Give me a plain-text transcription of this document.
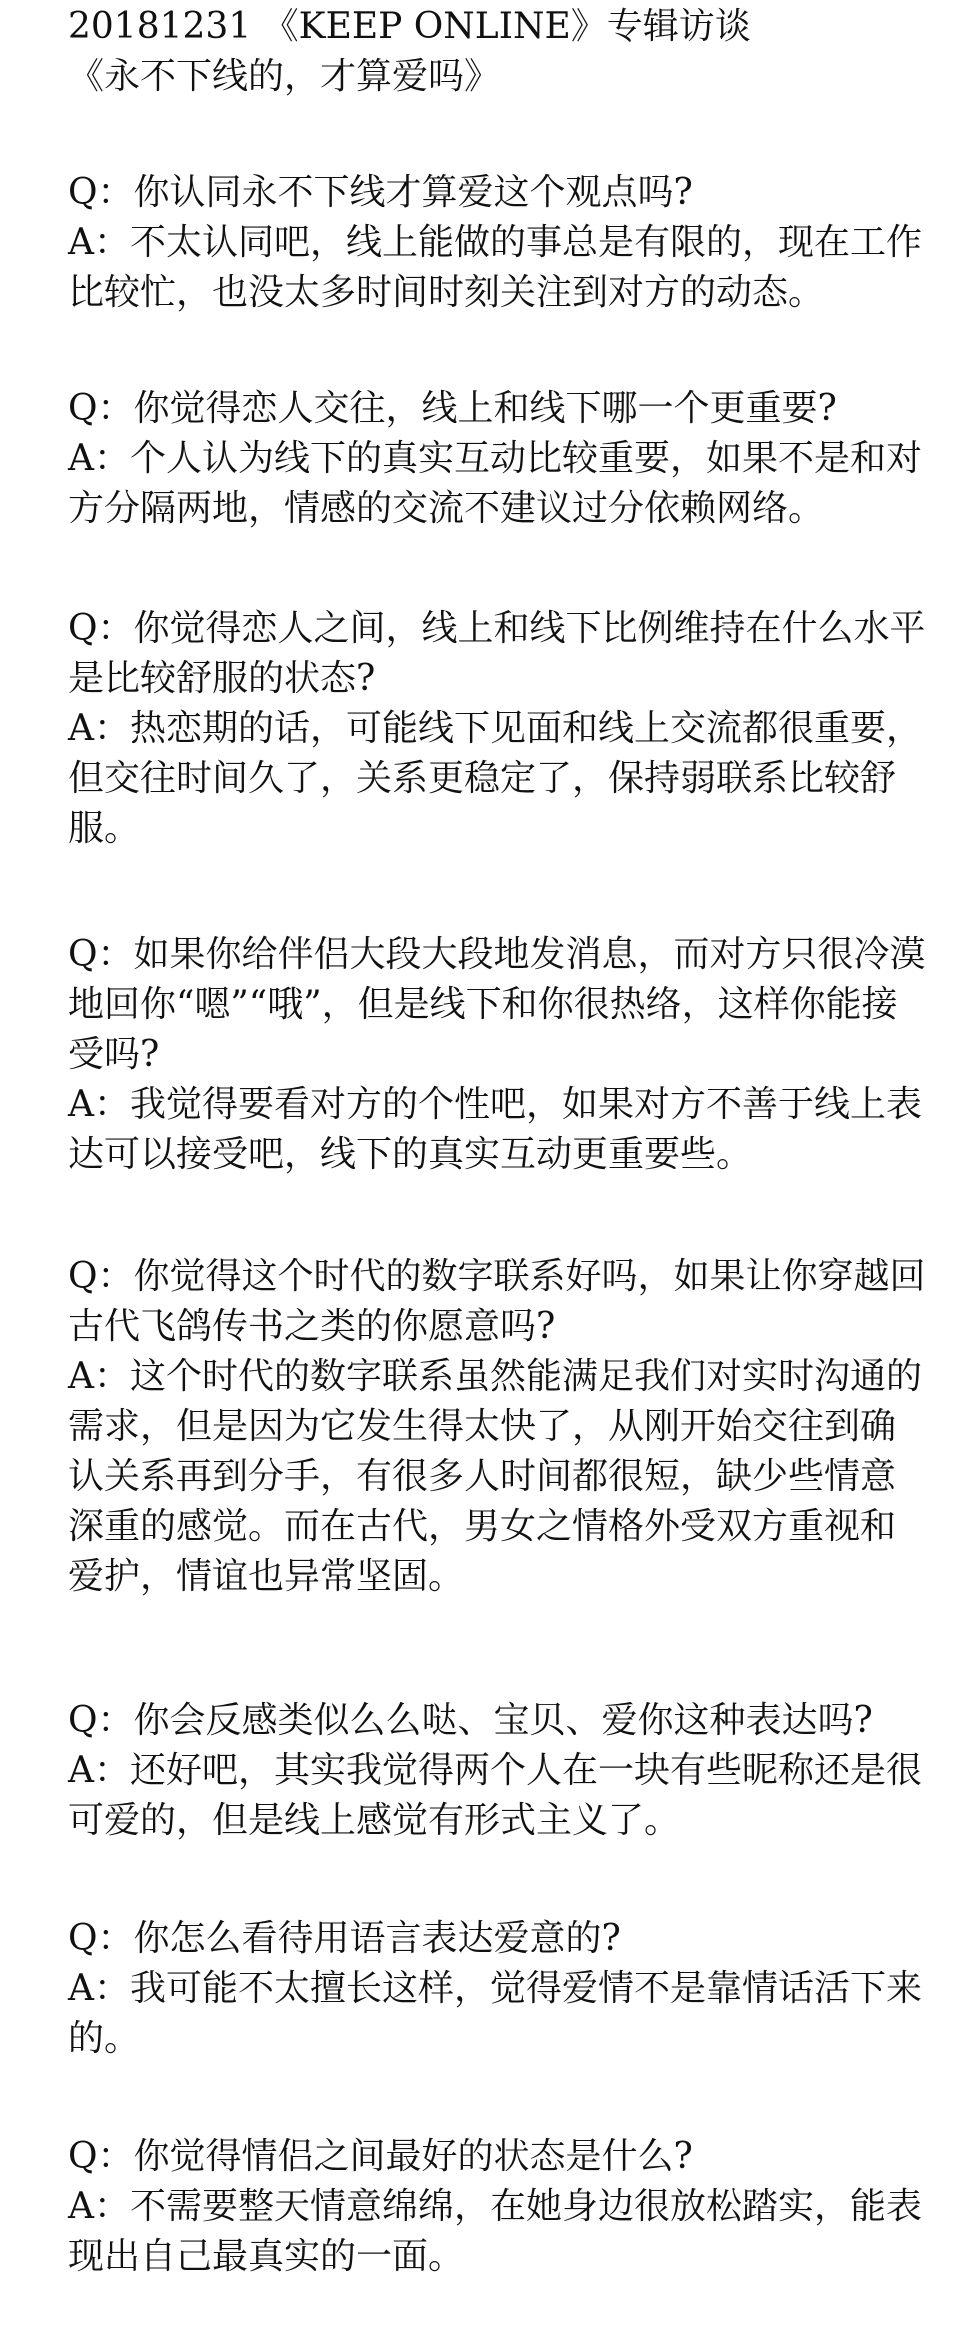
20181231 《KEEP ONLINE》专辑访谈
《永不下线的，才算爱吗》
Q：你认同永不下线才算爱这个观点吗?
A：不太认同吧，线上能做的事总是有限的，现在工作比较忙，也没太多时间时刻关注到对方的动态。
Q：你觉得恋人交往，线上和线下哪一个更重要?
A：个人认为线下的真实互动比较重要，如果不是和对方分隔两地，情感的交流不建议过分依赖网络。
Q：你觉得恋人之间，线上和线下比例维持在什么水平是比较舒服的状态?
A：热恋期的话，可能线下见面和线上交流都很重要，但交往时间久了，关系更稳定了，保持弱联系比较舒服。
Q：如果你给伴侣大段大段地发消息，而对方只很冷漠地回你“嗯”“哦”，但是线下和你很热络，这样你能接受吗?
A：我觉得要看对方的个性吧，如果对方不善于线上表达可以接受吧，线下的真实互动更重要些。
Q：你觉得这个时代的数字联系好吗，如果让你穿越回古代飞鸽传书之类的你愿意吗?
A：这个时代的数字联系虽然能满足我们对实时沟通的需求，但是因为它发生得太快了，从刚开始交往到确认关系再到分手，有很多人时间都很短，缺少些情意深重的感觉。而在古代，男女之情格外受双方重视和爱护，情谊也异常坚固。
Q：你会反感类似么么哒、宝贝、爱你这种表达吗?
A：还好吧，其实我觉得两个人在一块有些昵称还是很可爱的，但是线上感觉有形式主义了。
Q：你怎么看待用语言表达爱意的?
A：我可能不太擅长这样，觉得爱情不是靠情话活下来的。
Q：你觉得情侣之间最好的状态是什么?
A：不需要整天情意绵绵，在她身边很放松踏实，能表现出自己最真实的一面。
